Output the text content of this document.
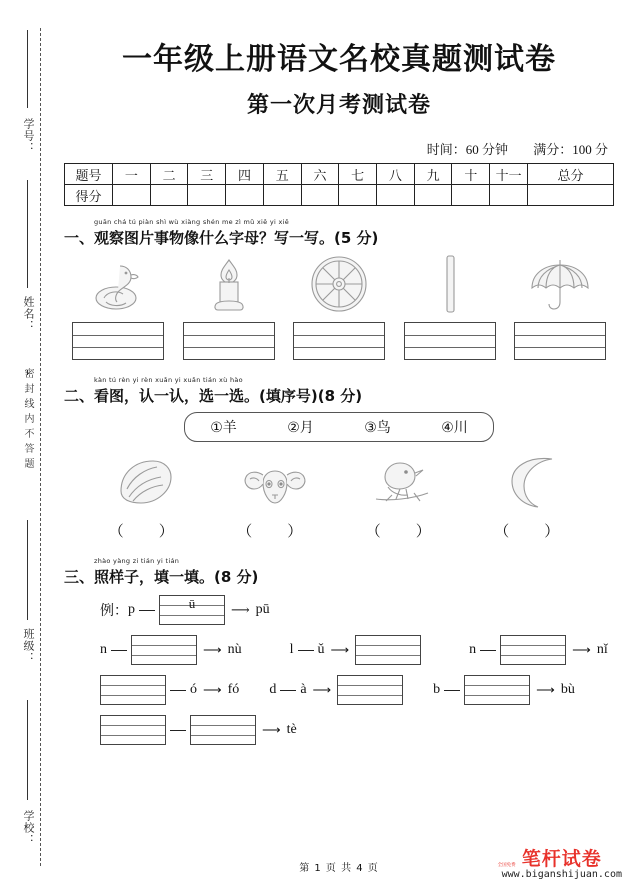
学号：
姓名：
密封线内不答题
班级：
学校：
一年级上册语文名校真题测试卷
第一次月考测试卷
时间：60 分钟 满分：100 分
题号	一	二	三	四	五	六	七	八	九	十	十一	总分
得分												
guān chá tú piàn shì wù xiàng shén me zì mǔ xiě yi xiě
一、观察图片事物像什么字母？写一写。(5 分)
kàn tú rèn yi rèn xuǎn yi xuǎn tián xù hào
二、看图，认一认，选一选。(填序号)(8 分)
①羊	②月	③鸟	④川
（　）	（　）	（　）	（　）
zhào yàng zi tián yi tián
三、照样子，填一填。(8 分)
例： p	ū	⟶ pū
n	⟶ nù	l ǔ ⟶	n	⟶ nǐ
ó ⟶ fó d à ⟶	b	⟶ bù
⟶ tè
第 1 页 共 4 页	全国免费 笔杆试卷
www.biganshijuan.com
